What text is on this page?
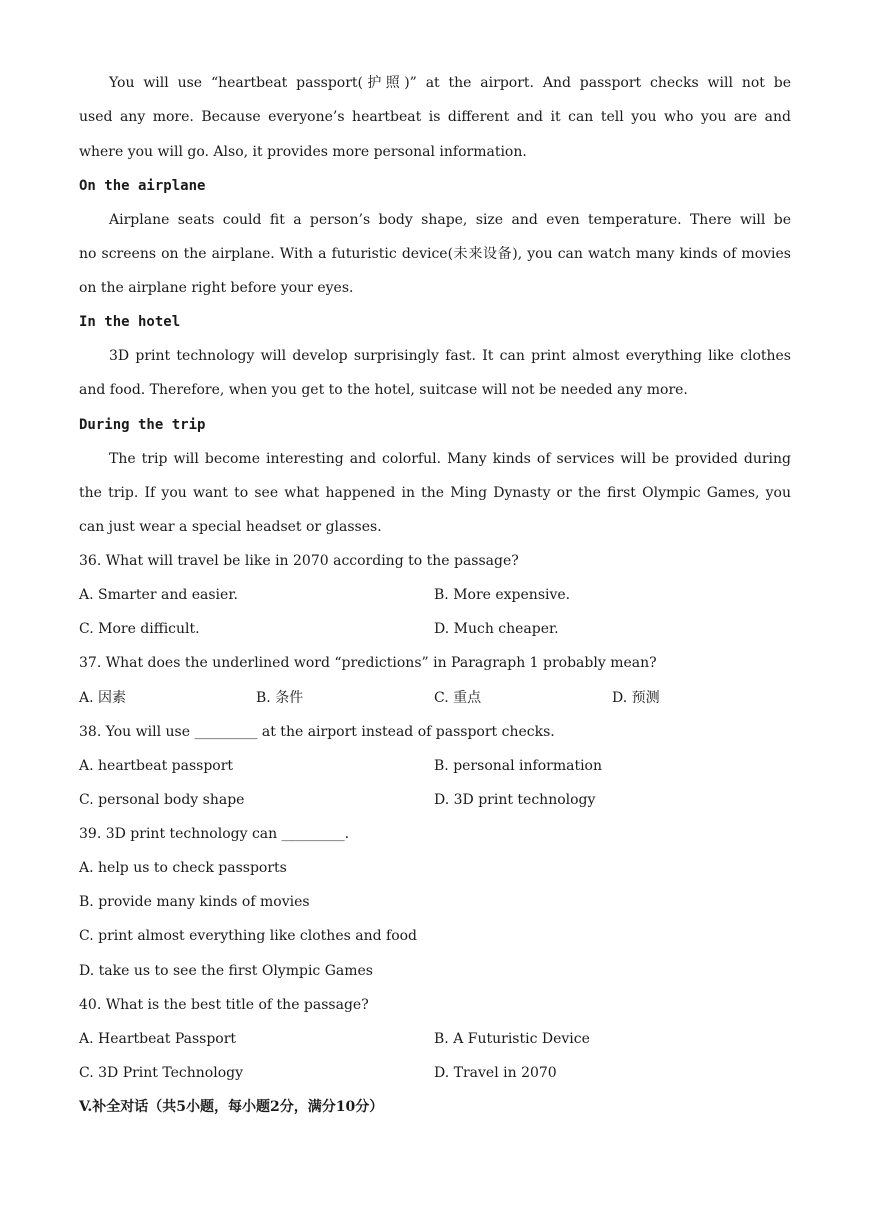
You will use “heartbeat passport(护照)” at the airport. And passport checks will not be
used any more. Because everyone’s heartbeat is different and it can tell you who you are and
where you will go. Also, it provides more personal information.
On the airplane
Airplane seats could fit a person’s body shape, size and even temperature. There will be
no screens on the airplane. With a futuristic device(未来设备), you can watch many kinds of movies
on the airplane right before your eyes.
In the hotel
3D print technology will develop surprisingly fast. It can print almost everything like clothes
and food. Therefore, when you get to the hotel, suitcase will not be needed any more.
During the trip
The trip will become interesting and colorful. Many kinds of services will be provided during
the trip. If you want to see what happened in the Ming Dynasty or the first Olympic Games, you
can just wear a special headset or glasses.
36. What will travel be like in 2070 according to the passage?
A. Smarter and easier.	B. More expensive.
C. More difficult.	D. Much cheaper.
37. What does the underlined word “predictions” in Paragraph 1 probably mean?
A. 因素	B. 条件	C. 重点	D. 预测
38. You will use _________ at the airport instead of passport checks.
A. heartbeat passport	B. personal information
C. personal body shape	D. 3D print technology
39. 3D print technology can _________.
A. help us to check passports
B. provide many kinds of movies
C. print almost everything like clothes and food
D. take us to see the first Olympic Games
40. What is the best title of the passage?
A. Heartbeat Passport	B. A Futuristic Device
C. 3D Print Technology	D. Travel in 2070
V.补全对话（共5小题，每小题2分，满分10分）
